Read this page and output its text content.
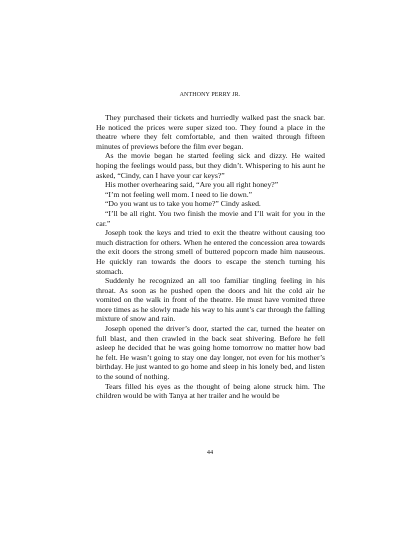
ANTHONY PERRY JR.

They purchased their tickets and hurriedly walked past the snack bar. He noticed the prices were super sized too. They found a place in the theatre where they felt comfortable, and then waited through fifteen minutes of previews before the film ever began.

As the movie began he started feeling sick and dizzy. He waited hoping the feelings would pass, but they didn’t. Whispering to his aunt he asked, “Cindy, can I have your car keys?”

His mother overhearing said, “Are you all right honey?”

“I’m not feeling well mom. I need to lie down.”

“Do you want us to take you home?” Cindy asked.

“I’ll be all right. You two finish the movie and I’ll wait for you in the car.”

Joseph took the keys and tried to exit the theatre without causing too much distraction for others. When he entered the concession area towards the exit doors the strong smell of buttered popcorn made him nauseous. He quickly ran towards the doors to escape the stench turning his stomach.

Suddenly he recognized an all too familiar tingling feeling in his throat. As soon as he pushed open the doors and hit the cold air he vomited on the walk in front of the theatre. He must have vomited three more times as he slowly made his way to his aunt’s car through the falling mixture of snow and rain.

Joseph opened the driver’s door, started the car, turned the heater on full blast, and then crawled in the back seat shivering. Before he fell asleep he decided that he was going home tomorrow no matter how bad he felt. He wasn’t going to stay one day longer, not even for his mother’s birthday. He just wanted to go home and sleep in his lonely bed, and listen to the sound of nothing.

Tears filled his eyes as the thought of being alone struck him. The children would be with Tanya at her trailer and he would be

44
